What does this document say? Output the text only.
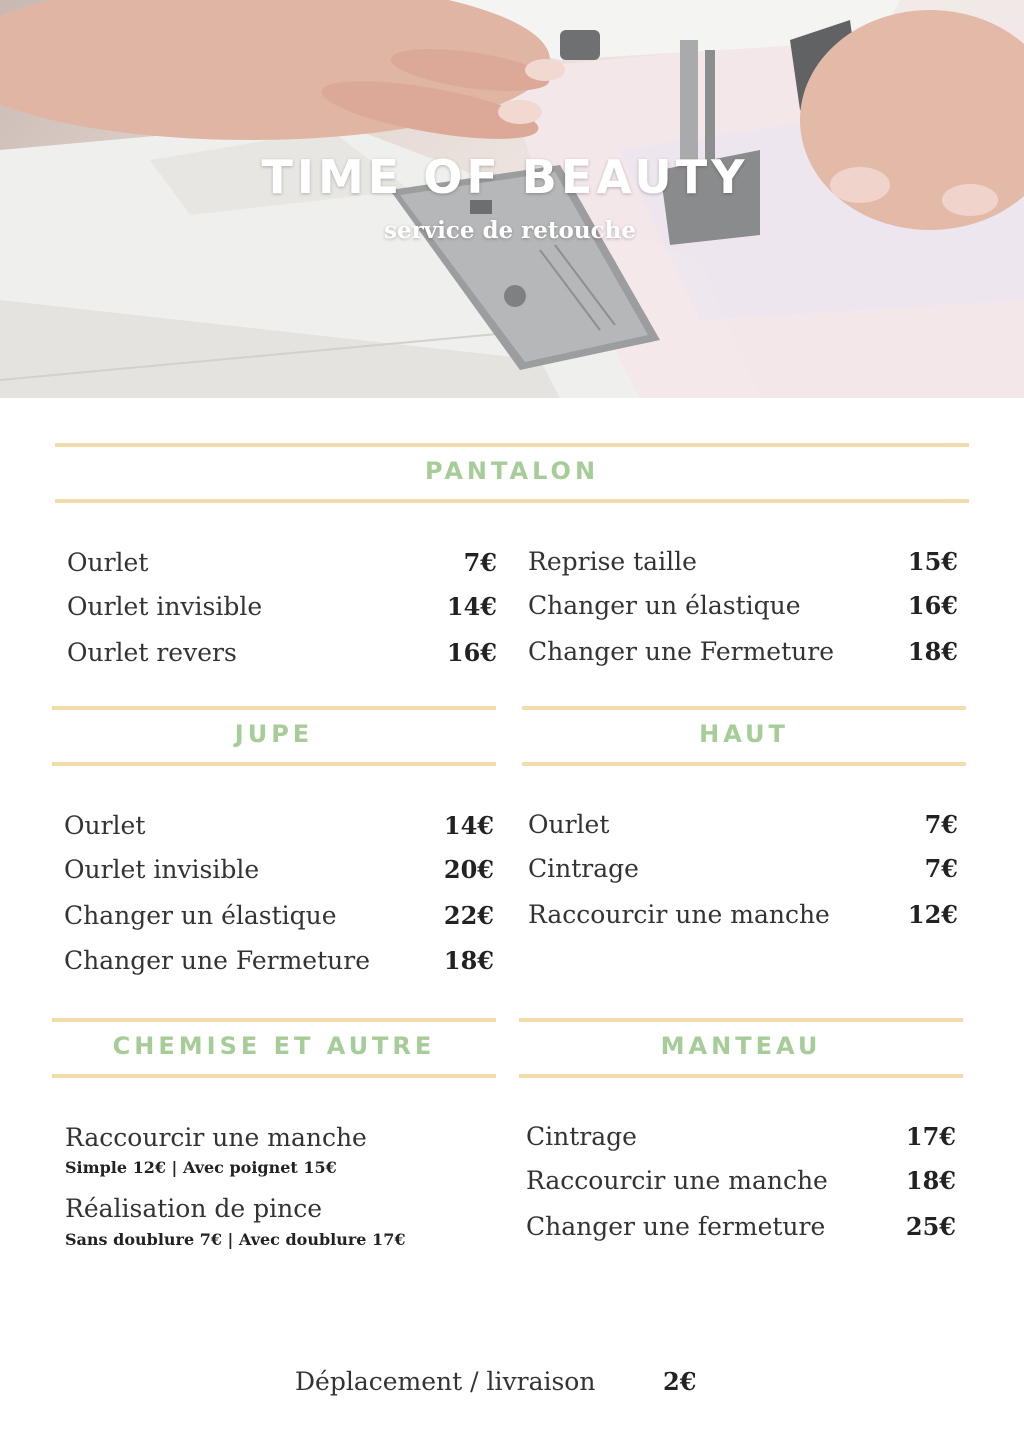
TIME OF BEAUTY
service de retouche
PANTALON
Ourlet	7€
Ourlet invisible	14€
Ourlet revers	16€
Reprise taille	15€
Changer un élastique	16€
Changer une Fermeture	18€
JUPE
Ourlet	14€
Ourlet invisible	20€
Changer un élastique	22€
Changer une Fermeture	18€
HAUT
Ourlet	7€
Cintrage	7€
Raccourcir une manche	12€
CHEMISE ET AUTRE
Raccourcir une manche
Simple 12€ | Avec poignet 15€
Réalisation de pince
Sans doublure 7€ | Avec doublure 17€
MANTEAU
Cintrage	17€
Raccourcir une manche	18€
Changer une fermeture	25€
Déplacement / livraison	2€
